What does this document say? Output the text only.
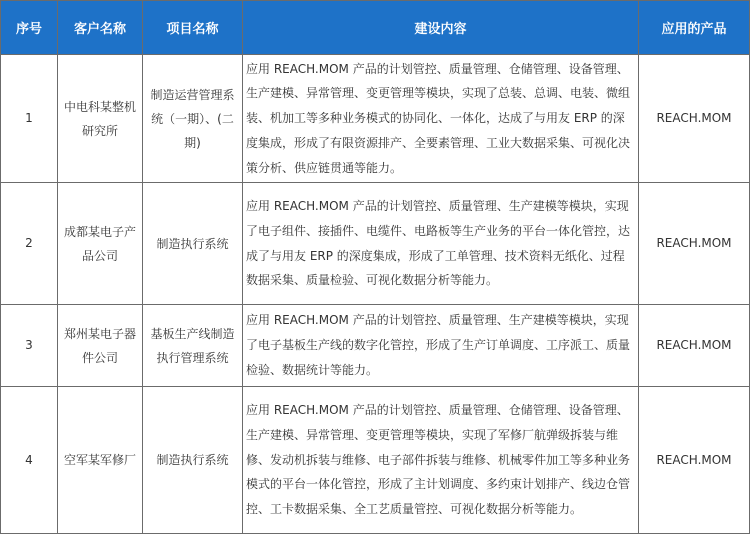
序号	客户名称	项目名称	建设内容	应用的产品
1	中电科某整机研究所	制造运营管理系统（一期）、(二期)	应用 REACH.MOM 产品的计划管控、质量管理、仓储管理、设备管理、生产建模、异常管理、变更管理等模块，实现了总装、总调、电装、微组装、机加工等多种业务模式的协同化、一体化，达成了与用友 ERP 的深度集成，形成了有限资源排产、全要素管理、工业大数据采集、可视化决策分析、供应链贯通等能力。	REACH.MOM
2	成都某电子产品公司	制造执行系统	应用 REACH.MOM 产品的计划管控、质量管理、生产建模等模块，实现了电子组件、接插件、电缆件、电路板等生产业务的平台一体化管控，达成了与用友 ERP 的深度集成，形成了工单管理、技术资料无纸化、过程数据采集、质量检验、可视化数据分析等能力。	REACH.MOM
3	郑州某电子器件公司	基板生产线制造执行管理系统	应用 REACH.MOM 产品的计划管控、质量管理、生产建模等模块，实现了电子基板生产线的数字化管控，形成了生产订单调度、工序派工、质量检验、数据统计等能力。	REACH.MOM
4	空军某军修厂	制造执行系统	应用 REACH.MOM 产品的计划管控、质量管理、仓储管理、设备管理、生产建模、异常管理、变更管理等模块，实现了军修厂航弹级拆装与维修、发动机拆装与维修、电子部件拆装与维修、机械零件加工等多种业务模式的平台一体化管控，形成了主计划调度、多约束计划排产、线边仓管控、工卡数据采集、全工艺质量管控、可视化数据分析等能力。	REACH.MOM
